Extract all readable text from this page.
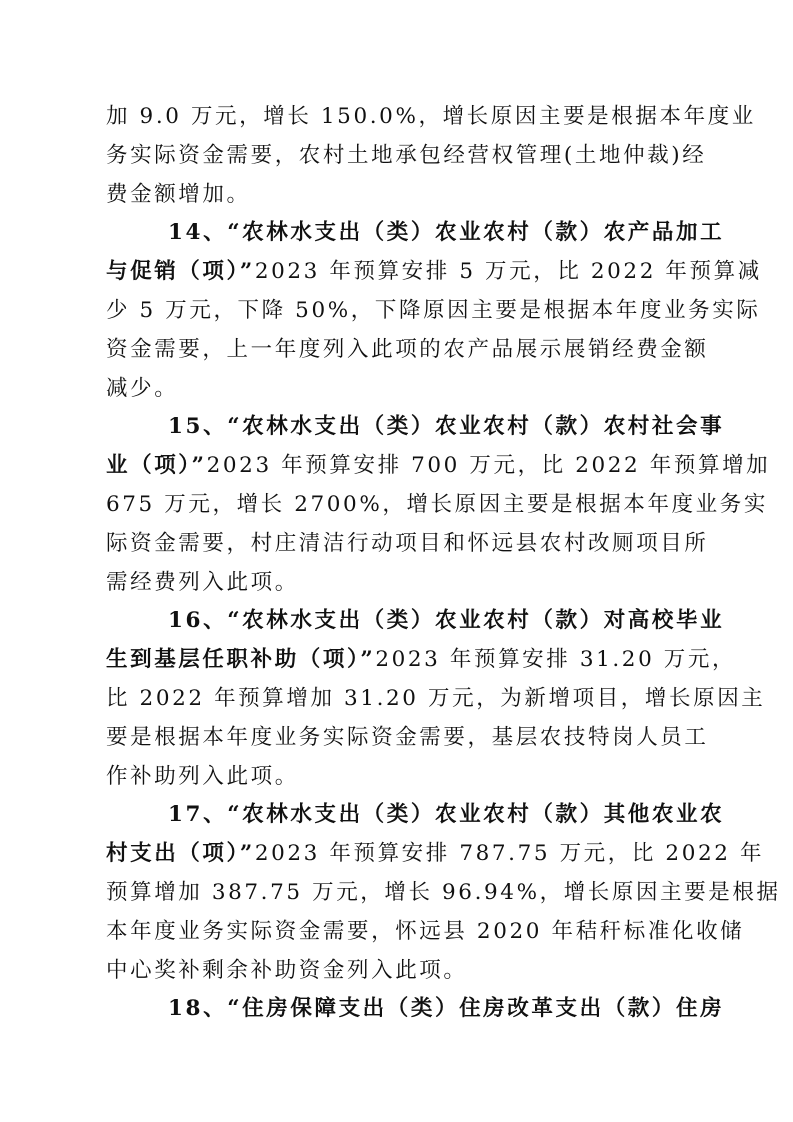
加 9.0 万元，增长 150.0%，增长原因主要是根据本年度业
务实际资金需要，农村土地承包经营权管理(土地仲裁)经
费金额增加。
14、“农林水支出（类）农业农村（款）农产品加工
与促销（项）”2023 年预算安排 5 万元，比 2022 年预算减
少 5 万元，下降 50%，下降原因主要是根据本年度业务实际
资金需要，上一年度列入此项的农产品展示展销经费金额
减少。
15、“农林水支出（类）农业农村（款）农村社会事
业（项）”2023 年预算安排 700 万元，比 2022 年预算增加
675 万元，增长 2700%，增长原因主要是根据本年度业务实
际资金需要，村庄清洁行动项目和怀远县农村改厕项目所
需经费列入此项。
16、“农林水支出（类）农业农村（款）对高校毕业
生到基层任职补助（项）”2023 年预算安排 31.20 万元，
比 2022 年预算增加 31.20 万元，为新增项目，增长原因主
要是根据本年度业务实际资金需要，基层农技特岗人员工
作补助列入此项。
17、“农林水支出（类）农业农村（款）其他农业农
村支出（项）”2023 年预算安排 787.75 万元，比 2022 年
预算增加 387.75 万元，增长 96.94%，增长原因主要是根据
本年度业务实际资金需要，怀远县 2020 年秸秆标准化收储
中心奖补剩余补助资金列入此项。
18、“住房保障支出（类）住房改革支出（款）住房
